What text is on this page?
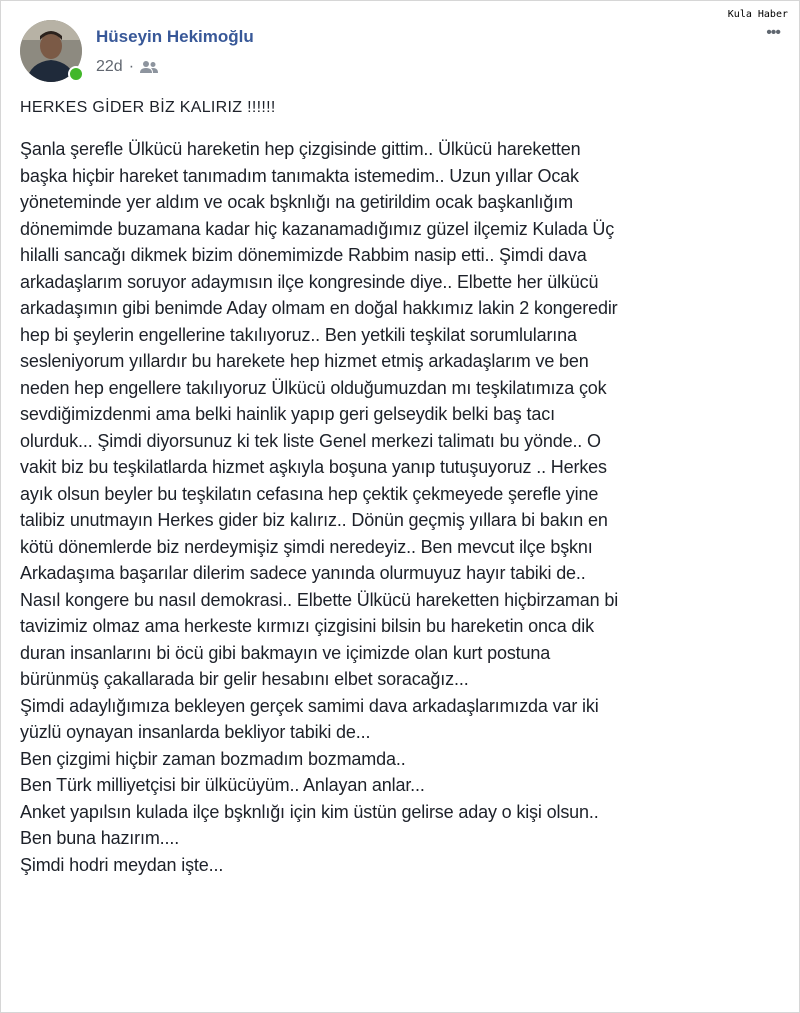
Kula Haber
Hüseyin Hekimoğlu
22d ·
•••
HERKES GİDER BİZ KALIRIZ !!!!!!
Şanla şerefle Ülkücü hareketin hep çizgisinde gittim.. Ülkücü hareketten
başka hiçbir hareket tanımadım tanımakta istemedim.. Uzun yıllar Ocak
yöneteminde yer aldım ve ocak bşknlığı na getirildim ocak başkanlığım
dönemimde buzamana kadar hiç kazanamadığımız güzel ilçemiz Kulada Üç
hilalli sancağı dikmek bizim dönemimizde Rabbim nasip etti.. Şimdi dava
arkadaşlarım soruyor adaymısın ilçe kongresinde diye.. Elbette her ülkücü
arkadaşımın gibi benimde Aday olmam en doğal hakkımız lakin 2 kongeredir
hep bi şeylerin engellerine takılıyoruz.. Ben yetkili teşkilat sorumlularına
sesleniyorum yıllardır bu harekete hep hizmet etmiş arkadaşlarım ve ben
neden hep engellere takılıyoruz Ülkücü olduğumuzdan mı teşkilatımıza çok
sevdiğimizdenmi ama belki hainlik yapıp geri gelseydik belki baş tacı
olurduk... Şimdi diyorsunuz ki tek liste Genel merkezi talimatı bu yönde.. O
vakit biz bu teşkilatlarda hizmet aşkıyla boşuna yanıp tutuşuyoruz .. Herkes
ayık olsun beyler bu teşkilatın cefasına hep çektik çekmeyede şerefle yine
talibiz unutmayın Herkes gider biz kalırız.. Dönün geçmiş yıllara bi bakın en
kötü dönemlerde biz nerdeymişiz şimdi neredeyiz.. Ben mevcut ilçe bşknı
Arkadaşıma başarılar dilerim sadece yanında olurmuyuz hayır tabiki de..
Nasıl kongere bu nasıl demokrasi.. Elbette Ülkücü hareketten hiçbirzaman bi
tavizimiz olmaz ama herkeste kırmızı çizgisini bilsin bu hareketin onca dik
duran insanlarını bi öcü gibi bakmayın ve içimizde olan kurt postuna
bürünmüş çakallarada bir gelir hesabını elbet soracağız...
Şimdi adaylığımıza bekleyen gerçek samimi dava arkadaşlarımızda var iki
yüzlü oynayan insanlarda bekliyor tabiki de...
Ben çizgimi hiçbir zaman bozmadım bozmamda..
Ben Türk milliyetçisi bir ülkücüyüm.. Anlayan anlar...
Anket yapılsın kulada ilçe bşknlığı için kim üstün gelirse aday o kişi olsun..
Ben buna hazırım....
Şimdi hodri meydan işte...
